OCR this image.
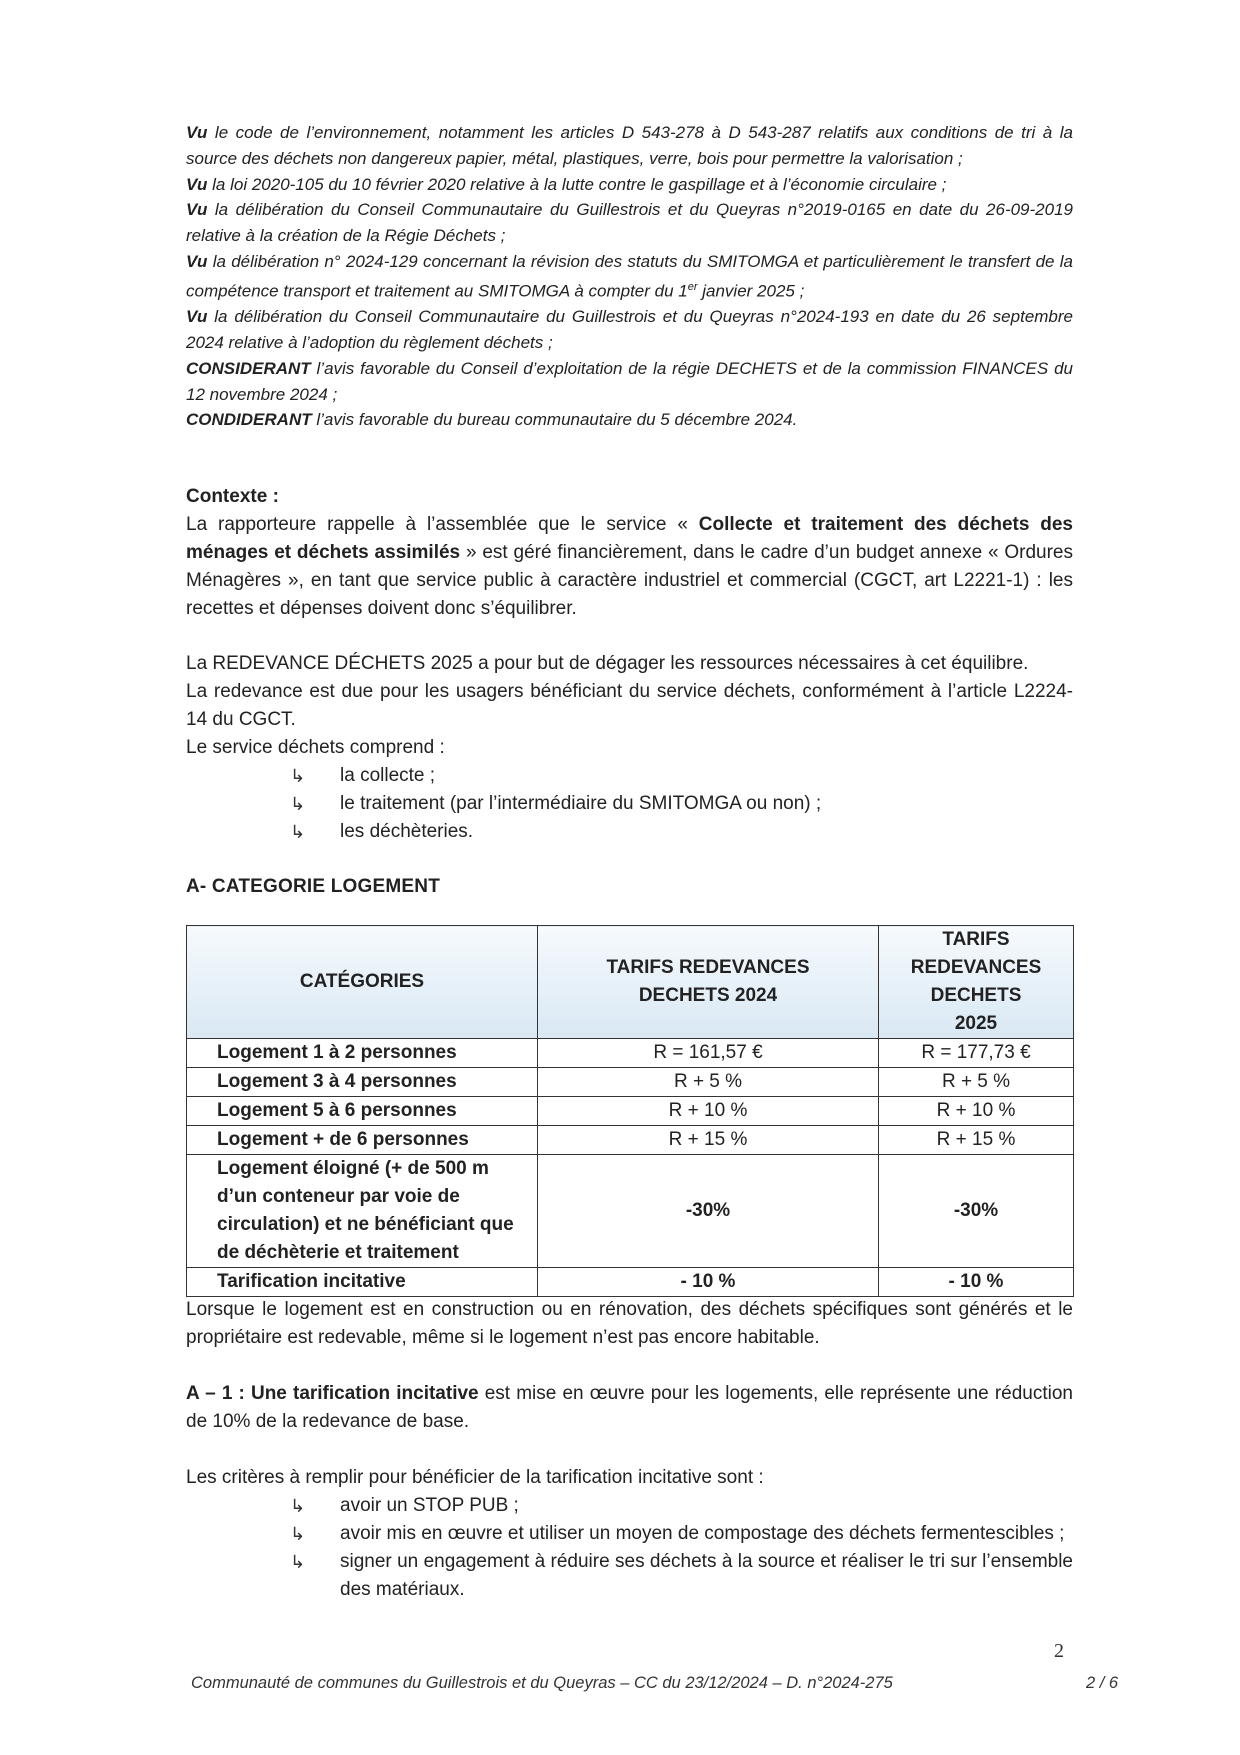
Vu le code de l’environnement, notamment les articles D 543-278 à D 543-287 relatifs aux conditions de tri à la source des déchets non dangereux papier, métal, plastiques, verre, bois pour permettre la valorisation ;

Vu la loi 2020-105 du 10 février 2020 relative à la lutte contre le gaspillage et à l’économie circulaire ;

Vu la délibération du Conseil Communautaire du Guillestrois et du Queyras n°2019-0165 en date du 26-09-2019 relative à la création de la Régie Déchets ;

Vu la délibération n° 2024-129 concernant la révision des statuts du SMITOMGA et particulièrement le transfert de la compétence transport et traitement au SMITOMGA à compter du 1er janvier 2025 ;

Vu la délibération du Conseil Communautaire du Guillestrois et du Queyras n°2024-193 en date du 26 septembre 2024 relative à l’adoption du règlement déchets ;

CONSIDERANT l’avis favorable du Conseil d’exploitation de la régie DECHETS et de la commission FINANCES du 12 novembre 2024 ;

CONDIDERANT l’avis favorable du bureau communautaire du 5 décembre 2024.

Contexte :

La rapporteure rappelle à l’assemblée que le service « Collecte et traitement des déchets des ménages et déchets assimilés » est géré financièrement, dans le cadre d’un budget annexe « Ordures Ménagères », en tant que service public à caractère industriel et commercial (CGCT, art L2221-1) : les recettes et dépenses doivent donc s’équilibrer.

La REDEVANCE DÉCHETS 2025 a pour but de dégager les ressources nécessaires à cet équilibre.

La redevance est due pour les usagers bénéficiant du service déchets, conformément à l’article L2224-14 du CGCT.

Le service déchets comprend :

↳	la collecte ;
↳	le traitement (par l’intermédiaire du SMITOMGA ou non) ;
↳	les déchèteries.
A- CATEGORIE LOGEMENT
CATÉGORIES	TARIFS REDEVANCES DECHETS 2024	TARIFS REDEVANCES DECHETS 2025
Logement 1 à 2 personnes	R = 161,57 €	R = 177,73 €
Logement 3 à 4 personnes	R + 5 %	R + 5 %
Logement 5 à 6 personnes	R + 10 %	R + 10 %
Logement + de 6 personnes	R + 15 %	R + 15 %
Logement éloigné (+ de 500 m d’un conteneur par voie de circulation) et ne bénéficiant que de déchèterie et traitement	-30%	-30%
Tarification incitative	- 10 %	- 10 %

Lorsque le logement est en construction ou en rénovation, des déchets spécifiques sont générés et le propriétaire est redevable, même si le logement n’est pas encore habitable.

A – 1 : Une tarification incitative est mise en œuvre pour les logements, elle représente une réduction de 10% de la redevance de base.

Les critères à remplir pour bénéficier de la tarification incitative sont :

↳	avoir un STOP PUB ;
↳	avoir mis en œuvre et utiliser un moyen de compostage des déchets fermentescibles ;
↳	signer un engagement à réduire ses déchets à la source et réaliser le tri sur l’ensemble des matériaux.
2
Communauté de communes du Guillestrois et du Queyras – CC du 23/12/2024 – D. n°2024-275	2 / 6
